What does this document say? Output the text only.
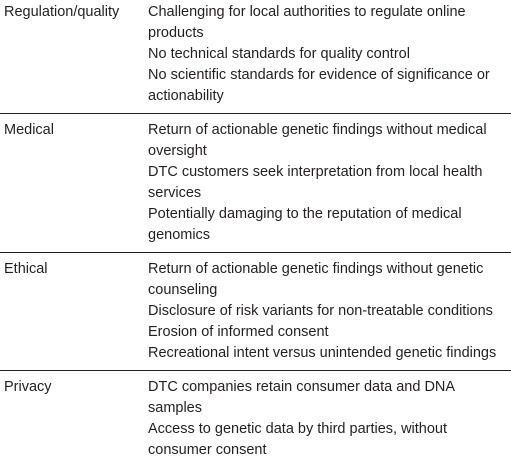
Regulation/quality	Challenging for local authorities to regulate online products
No technical standards for quality control
No scientific standards for evidence of significance or actionability
Medical	Return of actionable genetic findings without medical oversight
DTC customers seek interpretation from local health services
Potentially damaging to the reputation of medical genomics
Ethical	Return of actionable genetic findings without genetic counseling
Disclosure of risk variants for non-treatable conditions
Erosion of informed consent
Recreational intent versus unintended genetic findings
Privacy	DTC companies retain consumer data and DNA samples
Access to genetic data by third parties, without consumer consent
